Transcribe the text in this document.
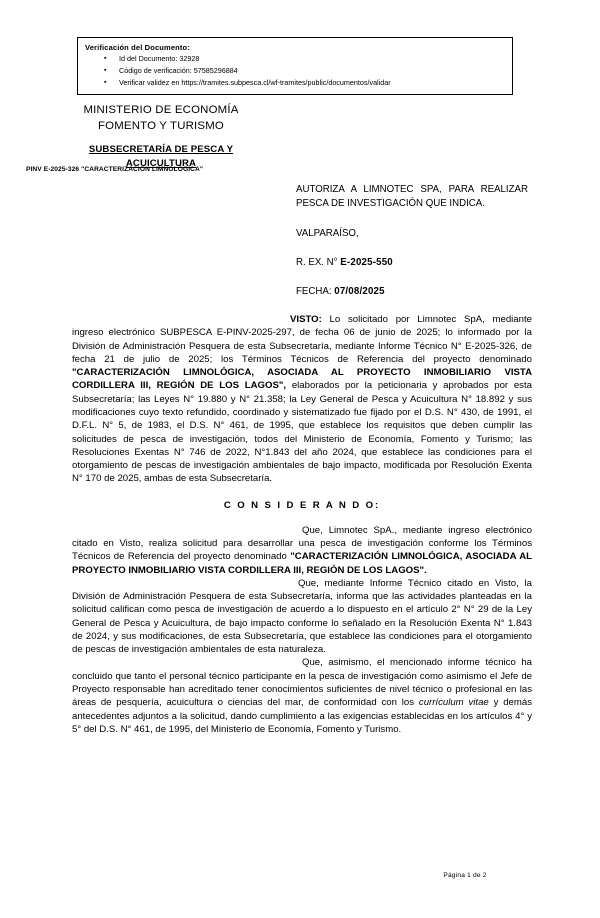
Verificación del Documento:
▪ Id del Documento: 32928
▪ Código de verificación: 57585296884
▪ Verificar validez en https://tramites.subpesca.cl/wf-tramites/public/documentos/validar
MINISTERIO DE ECONOMÍA
FOMENTO Y TURISMO
SUBSECRETARÍA DE PESCA Y
ACUICULTURA
PINV E-2025-326 "CARACTERIZACIÓN LIMNOLÓGICA"
AUTORIZA A LIMNOTEC SPA, PARA REALIZAR PESCA DE INVESTIGACIÓN QUE INDICA.
VALPARAÍSO,
R. EX. N° E-2025-550
FECHA: 07/08/2025

VISTO: Lo solicitado por Limnotec SpA, mediante ingreso electrónico SUBPESCA E-PINV-2025-297, de fecha 06 de junio de 2025; lo informado por la División de Administración Pesquera de esta Subsecretaría, mediante Informe Técnico N° E-2025-326, de fecha 21 de julio de 2025; los Términos Técnicos de Referencia del proyecto denominado "CARACTERIZACIÓN LIMNOLÓGICA, ASOCIADA AL PROYECTO INMOBILIARIO VISTA CORDILLERA III, REGIÓN DE LOS LAGOS", elaborados por la peticionaria y aprobados por esta Subsecretaría; las Leyes N° 19.880 y N° 21.358; la Ley General de Pesca y Acuicultura N° 18.892 y sus modificaciones cuyo texto refundido, coordinado y sistematizado fue fijado por el D.S. N° 430, de 1991, el D.F.L. N° 5, de 1983, el D.S. N° 461, de 1995, que establece los requisitos que deben cumplir las solicitudes de pesca de investigación, todos del Ministerio de Economía, Fomento y Turismo; las Resoluciones Exentas N° 746 de 2022, N°1.843 del año 2024, que establece las condiciones para el otorgamiento de pescas de investigación ambientales de bajo impacto, modificada por Resolución Exenta N° 170 de 2025, ambas de esta Subsecretaría.

C O N S I D E R A N D O:

Que, Limnotec SpA., mediante ingreso electrónico citado en Visto, realiza solicitud para desarrollar una pesca de investigación conforme los Términos Técnicos de Referencia del proyecto denominado "CARACTERIZACIÓN LIMNOLÓGICA, ASOCIADA AL PROYECTO INMOBILIARIO VISTA CORDILLERA III, REGIÓN DE LOS LAGOS".

Que, mediante Informe Técnico citado en Visto, la División de Administración Pesquera de esta Subsecretaría, informa que las actividades planteadas en la solicitud califican como pesca de investigación de acuerdo a lo dispuesto en el artículo 2° N° 29 de la Ley General de Pesca y Acuicultura, de bajo impacto conforme lo señalado en la Resolución Exenta N° 1.843 de 2024, y sus modificaciones, de esta Subsecretaría, que establece las condiciones para el otorgamiento de pescas de investigación ambientales de esta naturaleza.

Que, asimismo, el mencionado informe técnico ha concluido que tanto el personal técnico participante en la pesca de investigación como asimismo el Jefe de Proyecto responsable han acreditado tener conocimientos suficientes de nivel técnico o profesional en las áreas de pesquería, acuicultura o ciencias del mar, de conformidad con los currículum vitae y demás antecedentes adjuntos a la solicitud, dando cumplimiento a las exigencias establecidas en los artículos 4° y 5° del D.S. N° 461, de 1995, del Ministerio de Economía, Fomento y Turismo.

Página 1 de 2
